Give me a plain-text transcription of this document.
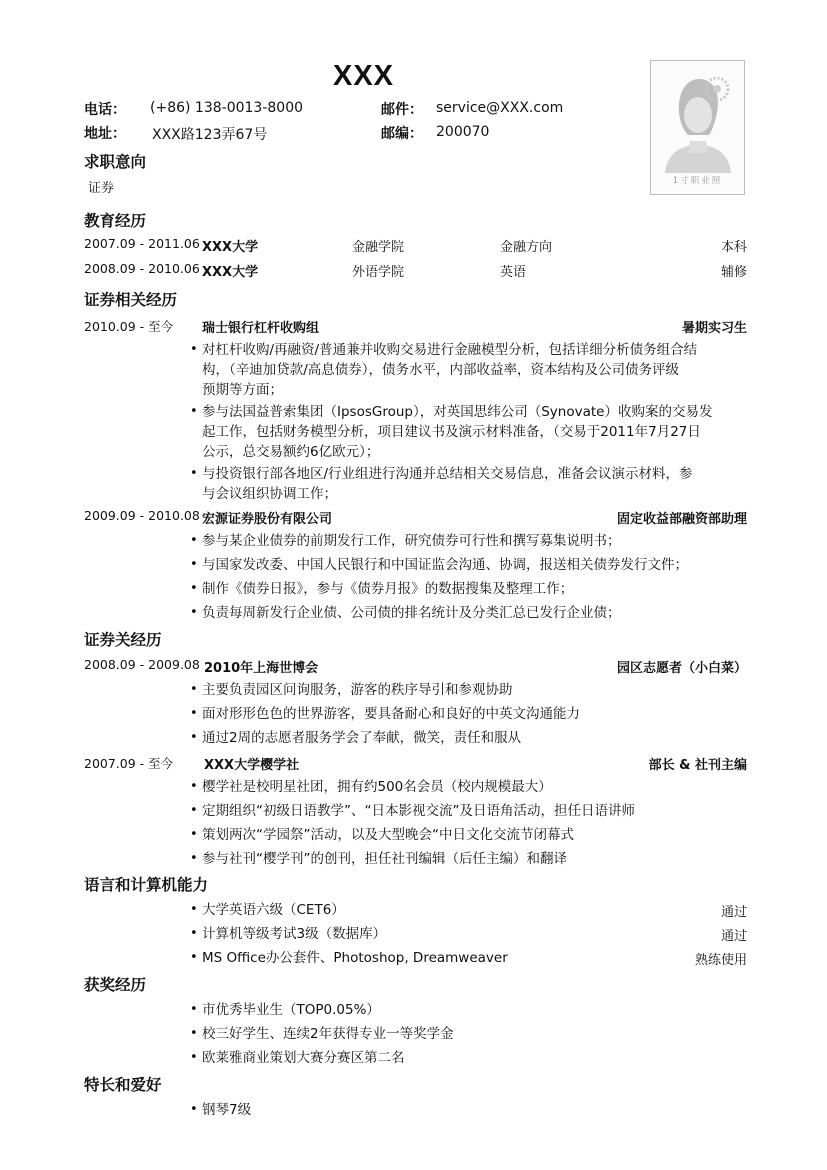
XXX
电话： (+86) 138-0013-8000	邮件： service@XXX.com
地址： XXX路123弄67号	邮编： 200070
1寸职业照
求职意向
证券
教育经历
2007.09 - 2011.06 XXX大学	金融学院	金融方向	本科
2008.09 - 2010.06 XXX大学	外语学院	英语	辅修
证券相关经历
2010.09 - 至今 瑞士银行杠杆收购组	暑期实习生
• 对杠杆收购/再融资/普通兼并收购交易进行金融模型分析，包括详细分析债务组合结
构，（辛迪加贷款/高息债券），债务水平，内部收益率，资本结构及公司债务评级
预期等方面；
• 参与法国益普索集团（IpsosGroup），对英国思纬公司（Synovate）收购案的交易发
起工作，包括财务模型分析，项目建议书及演示材料准备，（交易于2011年7月27日
公示，总交易额约6亿欧元）；
• 与投资银行部各地区/行业组进行沟通并总结相关交易信息，准备会议演示材料，参
与会议组织协调工作；
2009.09 - 2010.08 宏源证券股份有限公司	固定收益部融资部助理
• 参与某企业债券的前期发行工作，研究债券可行性和撰写募集说明书；
• 与国家发改委、中国人民银行和中国证监会沟通、协调，报送相关债券发行文件；
• 制作《债券日报》，参与《债券月报》的数据搜集及整理工作；
• 负责每周新发行企业债、公司债的排名统计及分类汇总已发行企业债；
证券关经历
2008.09 - 2009.08 2010年上海世博会	园区志愿者（小白菜）
• 主要负责园区问询服务，游客的秩序导引和参观协助
• 面对形形色色的世界游客，要具备耐心和良好的中英文沟通能力
• 通过2周的志愿者服务学会了奉献，微笑，责任和服从
2007.09 - 至今 XXX大学樱学社	部长 & 社刊主编
• 樱学社是校明星社团，拥有约500名会员（校内规模最大）
• 定期组织“初级日语教学”、“日本影视交流”及日语角活动，担任日语讲师
• 策划两次“学园祭”活动，以及大型晚会“中日文化交流节闭幕式
• 参与社刊“樱学刊”的创刊，担任社刊编辑（后任主编）和翻译
语言和计算机能力
• 大学英语六级（CET6）	通过
• 计算机等级考试3级（数据库）	通过
• MS Office办公套件、Photoshop, Dreamweaver	熟练使用
获奖经历
• 市优秀毕业生（TOP0.05%）
• 校三好学生、连续2年获得专业一等奖学金
• 欧莱雅商业策划大赛分赛区第二名
特长和爱好
• 钢琴7级
